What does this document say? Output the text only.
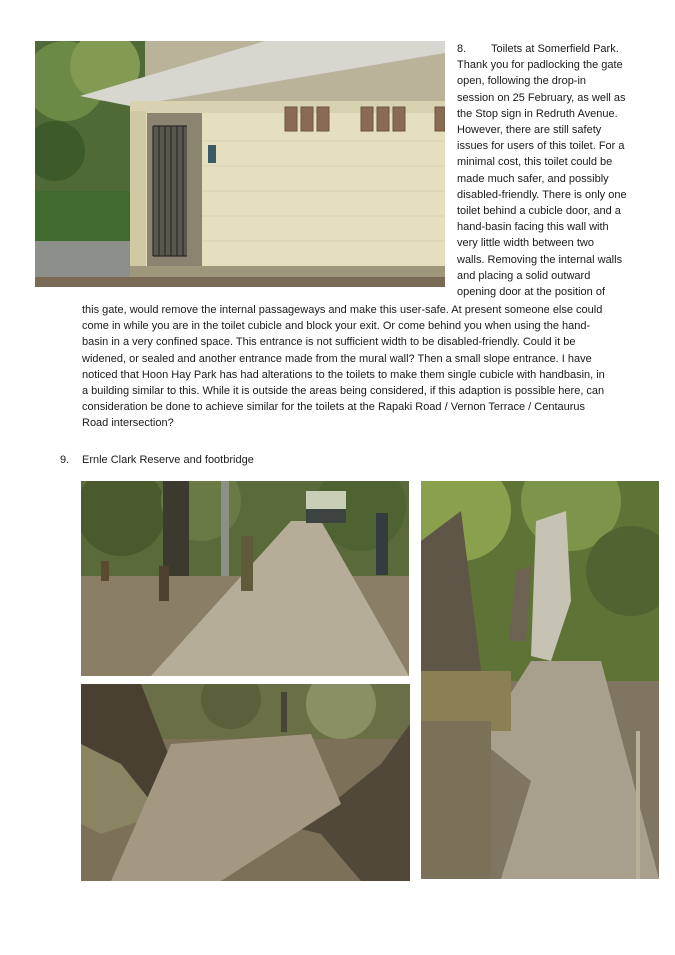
8. Toilets at Somerfield Park.
Thank you for padlocking the gate
open, following the drop-in
session on 25 February, as well as
the Stop sign in Redruth Avenue.
However, there are still safety
issues for users of this toilet. For a
minimal cost, this toilet could be
made much safer, and possibly
disabled-friendly. There is only one
toilet behind a cubicle door, and a
hand-basin facing this wall with
very little width between two
walls. Removing the internal walls
and placing a solid outward
opening door at the position of
this gate, would remove the internal passageways and make this user-safe. At present someone else could
come in while you are in the toilet cubicle and block your exit. Or come behind you when using the hand-
basin in a very confined space. This entrance is not sufficient width to be disabled-friendly. Could it be
widened, or sealed and another entrance made from the mural wall? Then a small slope entrance. I have
noticed that Hoon Hay Park has had alterations to the toilets to make them single cubicle with handbasin, in
a building similar to this. While it is outside the areas being considered, if this adaption is possible here, can
consideration be done to achieve similar for the toilets at the Rapaki Road / Vernon Terrace / Centaurus
Road intersection?
9. Ernle Clark Reserve and footbridge
